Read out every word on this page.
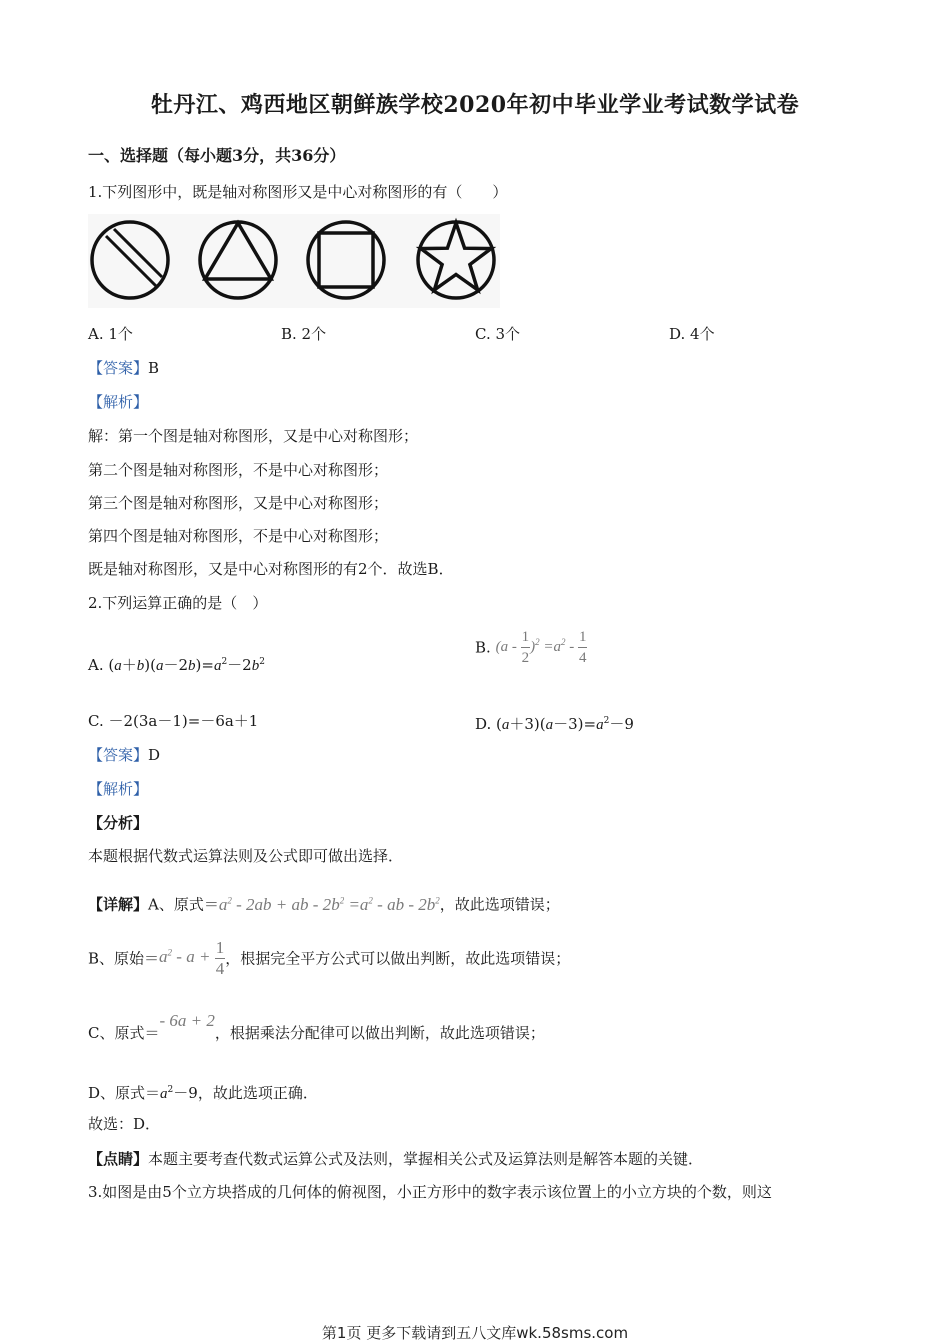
牡丹江、鸡西地区朝鲜族学校2020年初中毕业学业考试数学试卷
一、选择题（每小题3分，共36分）
1.下列图形中，既是轴对称图形又是中心对称图形的有（　　）
A. 1个	B. 2个	C. 3个	D. 4个
【答案】B
【解析】
解：第一个图是轴对称图形，又是中心对称图形；
第二个图是轴对称图形，不是中心对称图形；
第三个图是轴对称图形，又是中心对称图形；
第四个图是轴对称图形，不是中心对称图形；
既是轴对称图形，又是中心对称图形的有2个．故选B．
2.下列运算正确的是（　）
A. $(a+b)(a-2b)=a^2-2b^2$
B. $(a - \frac{1}{2} )^2 =a^2 - \frac{1}{4}$
C. －2(3a－1)=－6a＋1	D. $(a+3)(a-3)=a^2-9$
【答案】D
【解析】
【分析】
本题根据代数式运算法则及公式即可做出选择．
【详解】A、原式$=a^2 - 2ab$ + ab - $2b^2 =a^2$ - ab - $2b^2$，故此选项错误；
B、原始$=a^2 - a + \frac{1}{4}$ ，根据完全平方公式可以做出判断，故此选项错误；
C、原式＝- 6a + 2，根据乘法分配律可以做出判断，故此选项错误；
D、原式$=a^2-9$，故此选项正确．
故选：D．
【点睛】本题主要考查代数式运算公式及法则，掌握相关公式及运算法则是解答本题的关键．
3.如图是由5个立方块搭成的几何体的俯视图，小正方形中的数字表示该位置上的小立方块的个数，则这
第1页 更多下载请到五八文库wk.58sms.com
